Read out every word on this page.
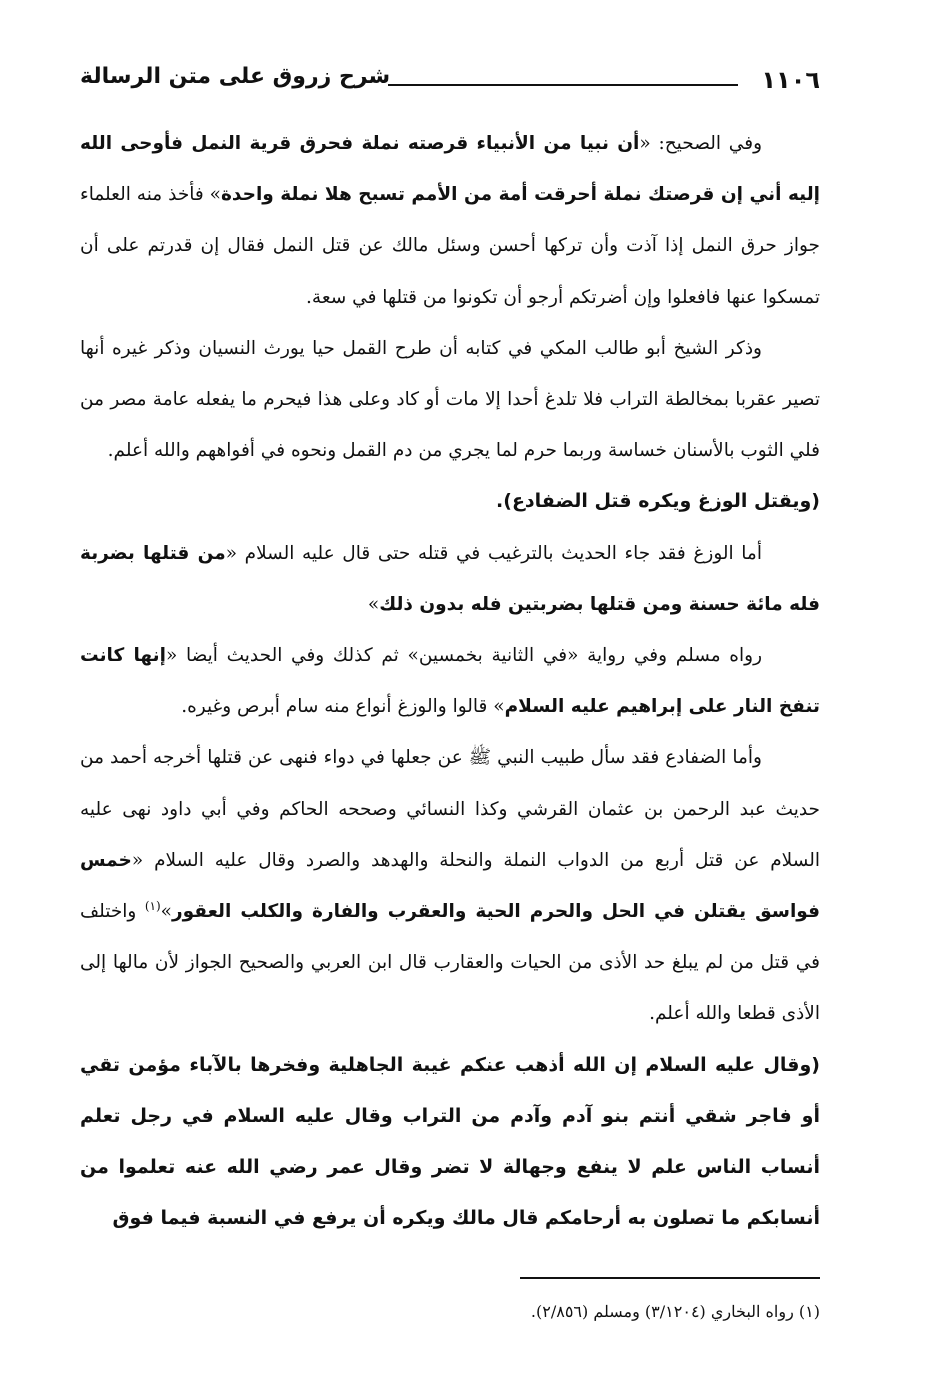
١١٠٦
شرح زروق على متن الرسالة

وفي الصحيح: «أن نبيا من الأنبياء قرصته نملة فحرق قرية النمل فأوحى الله إليه أني إن قرصتك نملة أحرقت أمة من الأمم تسبح هلا نملة واحدة» فأخذ منه العلماء جواز حرق النمل إذا آذت وأن تركها أحسن وسئل مالك عن قتل النمل فقال إن قدرتم على أن تمسكوا عنها فافعلوا وإن أضرتكم أرجو أن تكونوا من قتلها في سعة.

وذكر الشيخ أبو طالب المكي في كتابه أن طرح القمل حيا يورث النسيان وذكر غيره أنها تصير عقربا بمخالطة التراب فلا تلدغ أحدا إلا مات أو كاد وعلى هذا فيحرم ما يفعله عامة مصر من فلي الثوب بالأسنان خساسة وربما حرم لما يجري من دم القمل ونحوه في أفواههم والله أعلم.

(ويقتل الوزغ ويكره قتل الضفادع).

أما الوزغ فقد جاء الحديث بالترغيب في قتله حتى قال عليه السلام «من قتلها بضربة فله مائة حسنة ومن قتلها بضربتين فله بدون ذلك»

رواه مسلم وفي رواية «في الثانية بخمسين» ثم كذلك وفي الحديث أيضا «إنها كانت تنفخ النار على إبراهيم عليه السلام» قالوا والوزغ أنواع منه سام أبرص وغيره.

وأما الضفادع فقد سأل طبيب النبي ﷺ عن جعلها في دواء فنهى عن قتلها أخرجه أحمد من حديث عبد الرحمن بن عثمان القرشي وكذا النسائي وصححه الحاكم وفي أبي داود نهى عليه السلام عن قتل أربع من الدواب النملة والنحلة والهدهد والصرد وقال عليه السلام «خمس فواسق يقتلن في الحل والحرم الحية والعقرب والفارة والكلب العقور»$^{(١)}$ واختلف في قتل من لم يبلغ حد الأذى من الحيات والعقارب قال ابن العربي والصحيح الجواز لأن مالها إلى الأذى قطعا والله أعلم.

(وقال عليه السلام إن الله أذهب عنكم غيبة الجاهلية وفخرها بالآباء مؤمن تقي أو فاجر شقي أنتم بنو آدم وآدم من التراب وقال عليه السلام في رجل تعلم أنساب الناس علم لا ينفع وجهالة لا تضر وقال عمر رضي الله عنه تعلموا من أنسابكم ما تصلون به أرحامكم قال مالك ويكره أن يرفع في النسبة فيما فوق

(١) رواه البخاري (٣/١٢٠٤) ومسلم (٢/٨٥٦).
